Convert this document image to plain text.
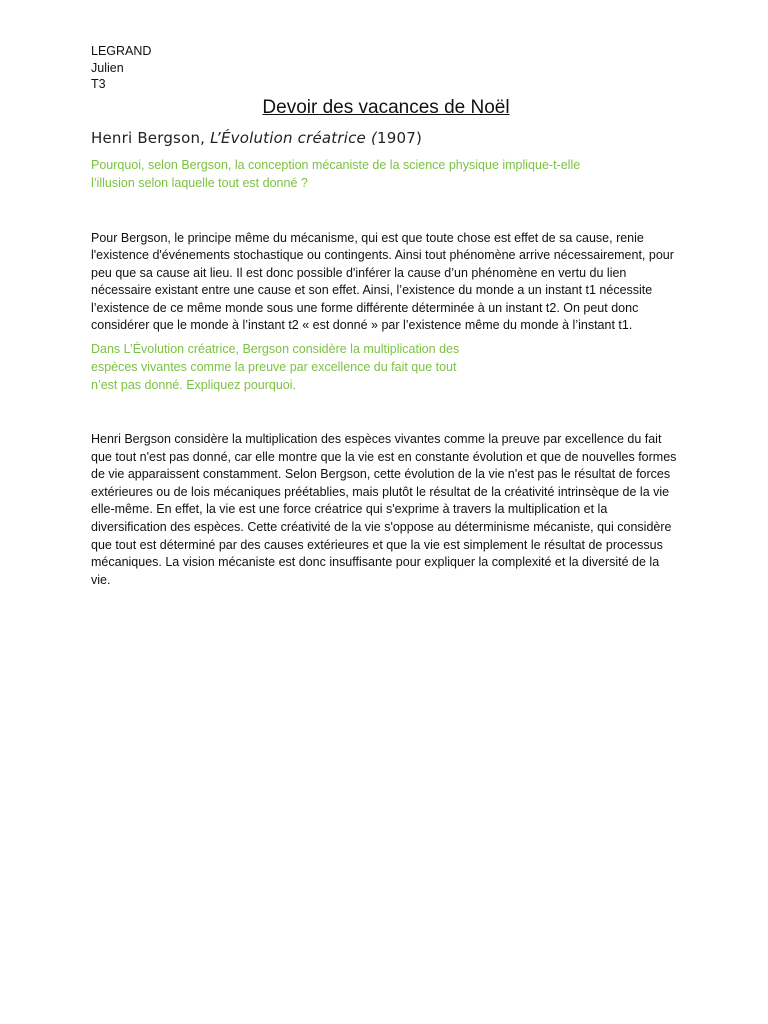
LEGRAND
Julien
T3
Devoir des vacances de Noël

Henri Bergson, L’Évolution créatrice (1907)

Pourquoi, selon Bergson, la conception mécaniste de la science physique implique-t-elle l’illusion selon laquelle tout est donné ?

Pour Bergson, le principe même du mécanisme, qui est que toute chose est effet de sa cause, renie l'existence d'événements stochastique ou contingents. Ainsi tout phénomène arrive nécessairement, pour peu que sa cause ait lieu. Il est donc possible d'inférer la cause d’un phénomène en vertu du lien nécessaire existant entre une cause et son effet. Ainsi, l’existence du monde a un instant t1 nécessite l’existence de ce même monde sous une forme différente déterminée à un instant t2. On peut donc considérer que le monde à l’instant t2 « est donné » par l’existence même du monde à l’instant t1.

Dans L’Évolution créatrice, Bergson considère la multiplication des espèces vivantes comme la preuve par excellence du fait que tout n’est pas donné. Expliquez pourquoi.

Henri Bergson considère la multiplication des espèces vivantes comme la preuve par excellence du fait que tout n'est pas donné, car elle montre que la vie est en constante évolution et que de nouvelles formes de vie apparaissent constamment. Selon Bergson, cette évolution de la vie n'est pas le résultat de forces extérieures ou de lois mécaniques préétablies, mais plutôt le résultat de la créativité intrinsèque de la vie elle-même. En effet, la vie est une force créatrice qui s'exprime à travers la multiplication et la diversification des espèces. Cette créativité de la vie s'oppose au déterminisme mécaniste, qui considère que tout est déterminé par des causes extérieures et que la vie est simplement le résultat de processus mécaniques. La vision mécaniste est donc insuffisante pour expliquer la complexité et la diversité de la vie.
